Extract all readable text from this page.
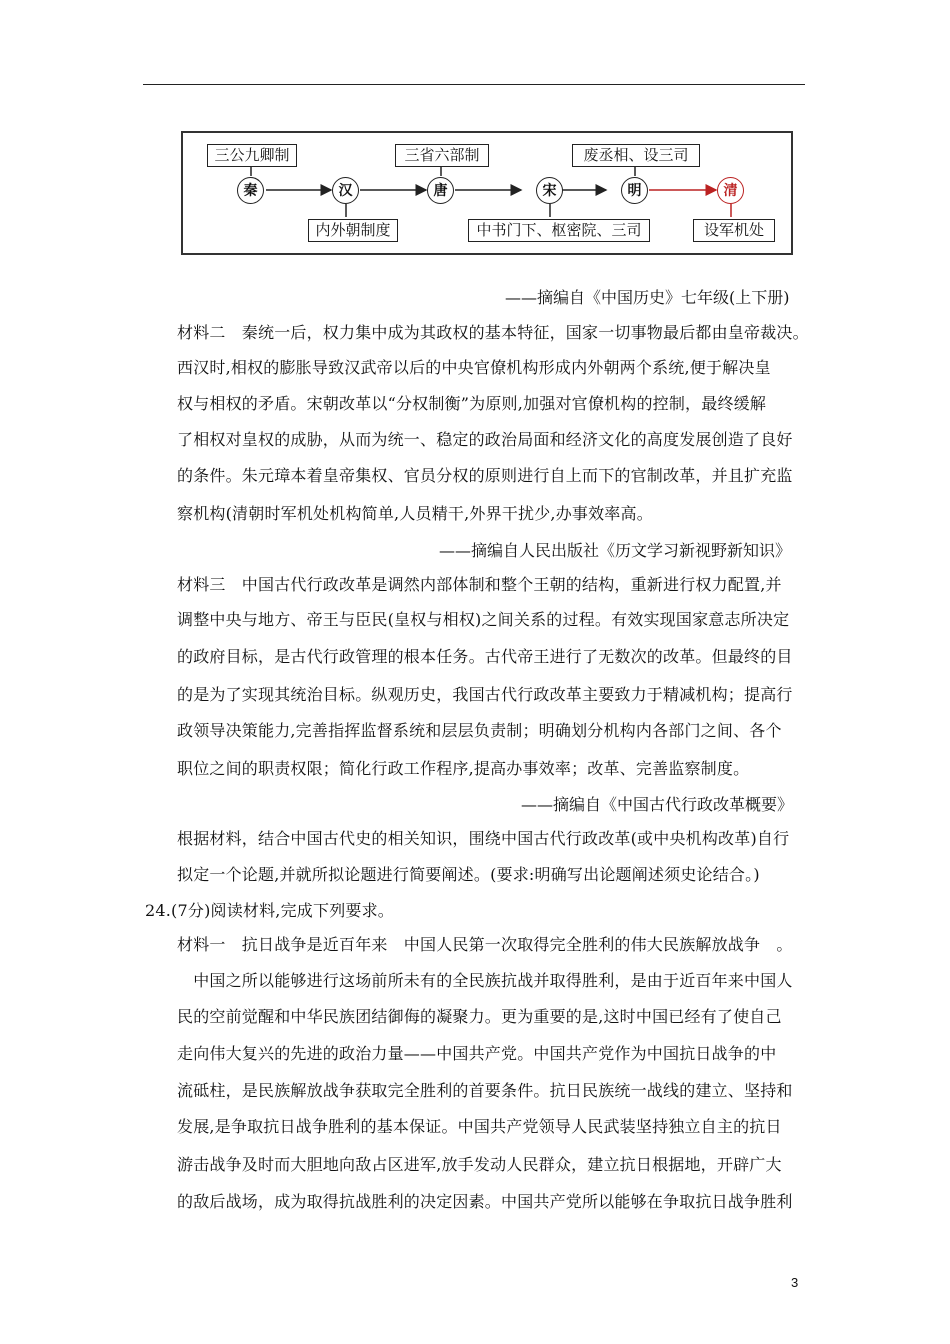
三公九卿制	三省六部制	废丞相、设三司
秦	汉	唐	宋	明	清
内外朝制度	中书门下、枢密院、三司	设军机处
——摘编自《中国历史》七年级(上下册)
材料二　秦统一后，权力集中成为其政权的基本特征，国家一切事物最后都由皇帝裁决。
西汉时,相权的膨胀导致汉武帝以后的中央官僚机构形成内外朝两个系统,便于解决皇
权与相权的矛盾。宋朝改革以“分权制衡”为原则,加强对官僚机构的控制，最终缓解
了相权对皇权的成胁，从而为统一、稳定的政治局面和经济文化的高度发展创造了良好
的条件。朱元璋本着皇帝集权、官员分权的原则进行自上而下的官制改革，并且扩充监
察机构(清朝时军机处机构简单,人员精干,外界干扰少,办事效率高。
——摘编自人民出版社《历文学习新视野新知识》
材料三　中国古代行政改革是调然内部体制和整个王朝的结构，重新进行权力配置,并
调整中央与地方、帝王与臣民(皇权与相权)之间关系的过程。有效实现国家意志所决定
的政府目标，是古代行政管理的根本任务。古代帝王进行了无数次的改革。但最终的目
的是为了实现其统治目标。纵观历史，我国古代行政改革主要致力于精减机构；提高行
政领导决策能力,完善指挥监督系统和层层负责制；明确划分机构内各部门之间、各个
职位之间的职责权限；简化行政工作程序,提高办事效率；改革、完善监察制度。
——摘编自《中国古代行政改革概要》
根据材料，结合中国古代史的相关知识，围绕中国古代行政改革(或中央机构改革)自行
拟定一个论题,并就所拟论题进行简要阐述。(要求:明确写出论题阐述须史论结合。)
24.(7分)阅读材料,完成下列要求。
材料一　抗日战争是近百年来　中国人民第一次取得完全胜利的伟大民族解放战争　。
　中国之所以能够进行这场前所未有的全民族抗战并取得胜利，是由于近百年来中国人
民的空前觉醒和中华民族团结御侮的凝聚力。更为重要的是,这时中国已经有了使自己
走向伟大复兴的先进的政治力量——中国共产党。中国共产党作为中国抗日战争的中
流砥柱，是民族解放战争获取完全胜利的首要条件。抗日民族统一战线的建立、坚持和
发展,是争取抗日战争胜利的基本保证。中国共产党领导人民武装坚持独立自主的抗日
游击战争及时而大胆地向敌占区进军,放手发动人民群众，建立抗日根据地，开辟广大
的敌后战场，成为取得抗战胜利的决定因素。中国共产党所以能够在争取抗日战争胜利
3
